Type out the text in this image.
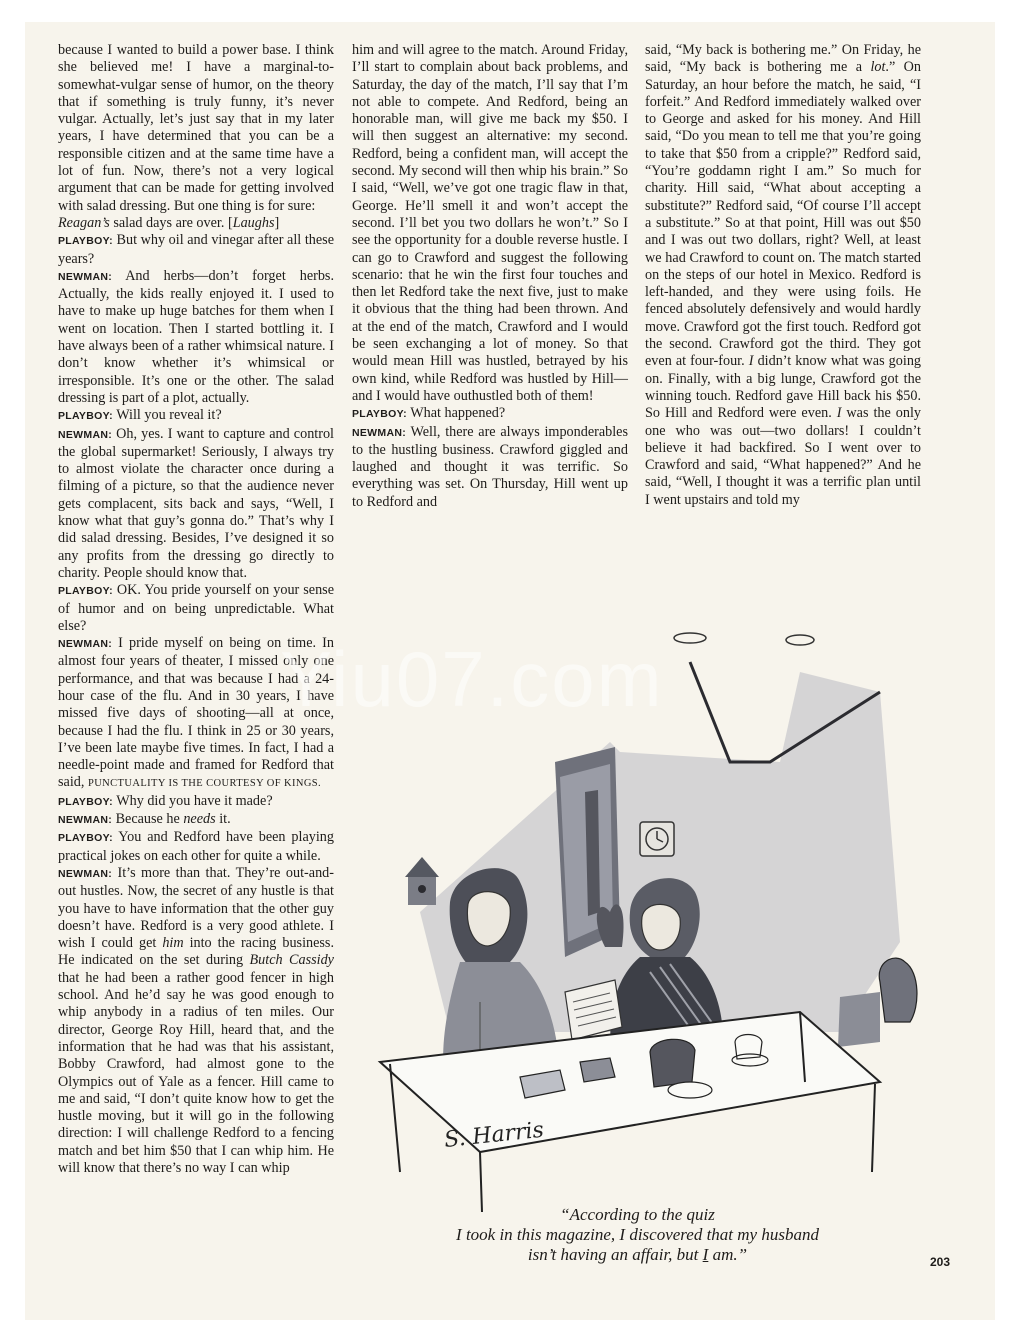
because I wanted to build a power base. I think she believed me! I have a marginal-to-somewhat-vulgar sense of humor, on the theory that if something is truly funny, it’s never vulgar. Actually, let’s just say that in my later years, I have determined that you can be a responsible citizen and at the same time have a lot of fun. Now, there’s not a very logical argument that can be made for getting involved with salad dressing. But one thing is for sure:

Reagan’s salad days are over. [Laughs]

PLAYBOY: But why oil and vinegar after all these years?

NEWMAN: And herbs—don’t forget herbs. Actually, the kids really enjoyed it. I used to have to make up huge batches for them when I went on location. Then I started bottling it. I have always been of a rather whimsical nature. I don’t know whether it’s whimsical or irresponsible. It’s one or the other. The salad dressing is part of a plot, actually.

PLAYBOY: Will you reveal it?

NEWMAN: Oh, yes. I want to capture and control the global supermarket! Seriously, I always try to almost violate the character once during a filming of a picture, so that the audience never gets complacent, sits back and says, “Well, I know what that guy’s gonna do.” That’s why I did salad dressing. Besides, I’ve designed it so any profits from the dressing go directly to charity. People should know that.

PLAYBOY: OK. You pride yourself on your sense of humor and on being unpredictable. What else?

NEWMAN: I pride myself on being on time. In almost four years of theater, I missed only one performance, and that was because I had a 24-hour case of the flu. And in 30 years, I have missed five days of shooting—all at once, because I had the flu. I think in 25 or 30 years, I’ve been late maybe five times. In fact, I had a needle-point made and framed for Redford that said, PUNCTUALITY IS THE COURTESY OF KINGS.

PLAYBOY: Why did you have it made?

NEWMAN: Because he needs it.

PLAYBOY: You and Redford have been playing practical jokes on each other for quite a while.

NEWMAN: It’s more than that. They’re out-and-out hustles. Now, the secret of any hustle is that you have to have information that the other guy doesn’t have. Redford is a very good athlete. I wish I could get him into the racing business. He indicated on the set during Butch Cassidy that he had been a rather good fencer in high school. And he’d say he was good enough to whip anybody in a radius of ten miles. Our director, George Roy Hill, heard that, and the information that he had was that his assistant, Bobby Crawford, had almost gone to the Olympics out of Yale as a fencer. Hill came to me and said, “I don’t quite know how to get the hustle moving, but it will go in the following direction: I will challenge Redford to a fencing match and bet him $50 that I can whip him. He will know that there’s no way I can whip

him and will agree to the match. Around Friday, I’ll start to complain about back problems, and Saturday, the day of the match, I’ll say that I’m not able to compete. And Redford, being an honorable man, will give me back my $50. I will then suggest an alternative: my second. Redford, being a confident man, will accept the second. My second will then whip his brain.” So I said, “Well, we’ve got one tragic flaw in that, George. He’ll smell it and won’t accept the second. I’ll bet you two dollars he won’t.” So I see the opportunity for a double reverse hustle. I can go to Crawford and suggest the following scenario: that he win the first four touches and then let Redford take the next five, just to make it obvious that the thing had been thrown. And at the end of the match, Crawford and I would be seen exchanging a lot of money. So that would mean Hill was hustled, betrayed by his own kind, while Redford was hustled by Hill—and I would have outhustled both of them!

PLAYBOY: What happened?

NEWMAN: Well, there are always imponderables to the hustling business. Crawford giggled and laughed and thought it was terrific. So everything was set. On Thursday, Hill went up to Redford and

said, “My back is bothering me.” On Friday, he said, “My back is bothering me a lot.” On Saturday, an hour before the match, he said, “I forfeit.” And Redford immediately walked over to George and asked for his money. And Hill said, “Do you mean to tell me that you’re going to take that $50 from a cripple?” Redford said, “You’re goddamn right I am.” So much for charity. Hill said, “What about accepting a substitute?” Redford said, “Of course I’ll accept a substitute.” So at that point, Hill was out $50 and I was out two dollars, right? Well, at least we had Crawford to count on. The match started on the steps of our hotel in Mexico. Redford is left-handed, and they were using foils. He fenced absolutely defensively and would hardly move. Crawford got the first touch. Redford got the second. Crawford got the third. They got even at four-four. I didn’t know what was going on. Finally, with a big lunge, Crawford got the winning touch. Redford gave Hill back his $50. So Hill and Redford were even. I was the only one who was out—two dollars! I couldn’t believe it had backfired. So I went over to Crawford and said, “What happened?” And he said, “Well, I thought it was a terrific plan until I went upstairs and told my

S. Harris
“According to the quiz
I took in this magazine, I discovered that my husband
isn’t having an affair, but I am.”
Yiu07.com
203
